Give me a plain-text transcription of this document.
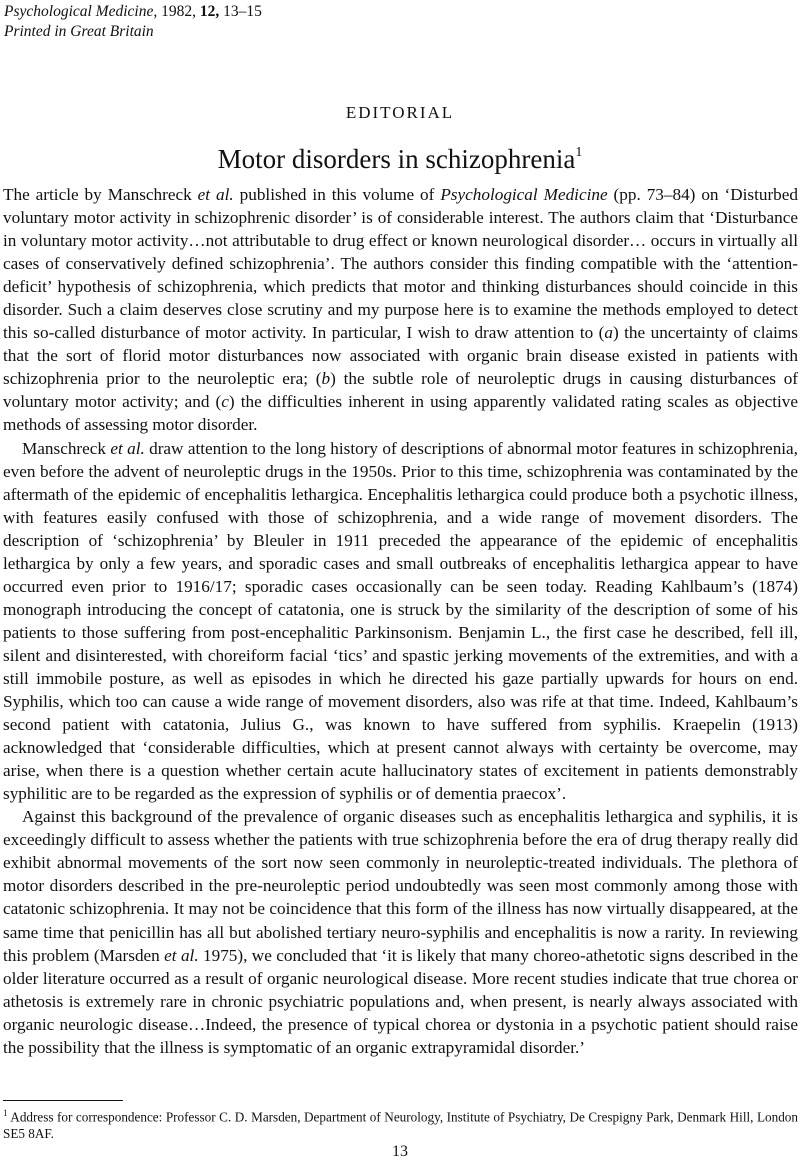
Psychological Medicine, 1982, 12, 13–15
Printed in Great Britain
EDITORIAL
Motor disorders in schizophrenia$^1$

The article by Manschreck et al. published in this volume of Psychological Medicine (pp. 73–84) on ‘Disturbed voluntary motor activity in schizophrenic disorder’ is of considerable interest. The authors claim that ‘Disturbance in voluntary motor activity…not attributable to drug effect or known neurological disorder… occurs in virtually all cases of conservatively defined schizophrenia’. The authors consider this finding compatible with the ‘attention-deficit’ hypothesis of schizophrenia, which predicts that motor and thinking disturbances should coincide in this disorder. Such a claim deserves close scrutiny and my purpose here is to examine the methods employed to detect this so-called disturbance of motor activity. In particular, I wish to draw attention to (a) the uncertainty of claims that the sort of florid motor disturbances now associated with organic brain disease existed in patients with schizophrenia prior to the neuroleptic era; (b) the subtle role of neuroleptic drugs in causing disturbances of voluntary motor activity; and (c) the difficulties inherent in using apparently validated rating scales as objective methods of assessing motor disorder.

Manschreck et al. draw attention to the long history of descriptions of abnormal motor features in schizophrenia, even before the advent of neuroleptic drugs in the 1950s. Prior to this time, schizophrenia was contaminated by the aftermath of the epidemic of encephalitis lethargica. Encephalitis lethargica could produce both a psychotic illness, with features easily confused with those of schizophrenia, and a wide range of movement disorders. The description of ‘schizophrenia’ by Bleuler in 1911 preceded the appearance of the epidemic of encephalitis lethargica by only a few years, and sporadic cases and small outbreaks of encephalitis lethargica appear to have occurred even prior to 1916/17; sporadic cases occasionally can be seen today. Reading Kahlbaum’s (1874) monograph introducing the concept of catatonia, one is struck by the similarity of the description of some of his patients to those suffering from post-encephalitic Parkinsonism. Benjamin L., the first case he described, fell ill, silent and disinterested, with choreiform facial ‘tics’ and spastic jerking movements of the extremities, and with a still immobile posture, as well as episodes in which he directed his gaze partially upwards for hours on end. Syphilis, which too can cause a wide range of movement disorders, also was rife at that time. Indeed, Kahlbaum’s second patient with catatonia, Julius G., was known to have suffered from syphilis. Kraepelin (1913) acknowledged that ‘considerable difficulties, which at present cannot always with certainty be overcome, may arise, when there is a question whether certain acute hallucinatory states of excitement in patients demonstrably syphilitic are to be regarded as the expression of syphilis or of dementia praecox’.

Against this background of the prevalence of organic diseases such as encephalitis lethargica and syphilis, it is exceedingly difficult to assess whether the patients with true schizophrenia before the era of drug therapy really did exhibit abnormal movements of the sort now seen commonly in neuroleptic-treated individuals. The plethora of motor disorders described in the pre-neuroleptic period undoubtedly was seen most commonly among those with catatonic schizophrenia. It may not be coincidence that this form of the illness has now virtually disappeared, at the same time that penicillin has all but abolished tertiary neuro-syphilis and encephalitis is now a rarity. In reviewing this problem (Marsden et al. 1975), we concluded that ‘it is likely that many choreo-athetotic signs described in the older literature occurred as a result of organic neurological disease. More recent studies indicate that true chorea or athetosis is extremely rare in chronic psychiatric populations and, when present, is nearly always associated with organic neurologic disease…Indeed, the presence of typical chorea or dystonia in a psychotic patient should raise the possibility that the illness is symptomatic of an organic extrapyramidal disorder.’

$^1$ Address for correspondence: Professor C. D. Marsden, Department of Neurology, Institute of Psychiatry, De Crespigny Park, Denmark Hill, London SE5 8AF.
13
